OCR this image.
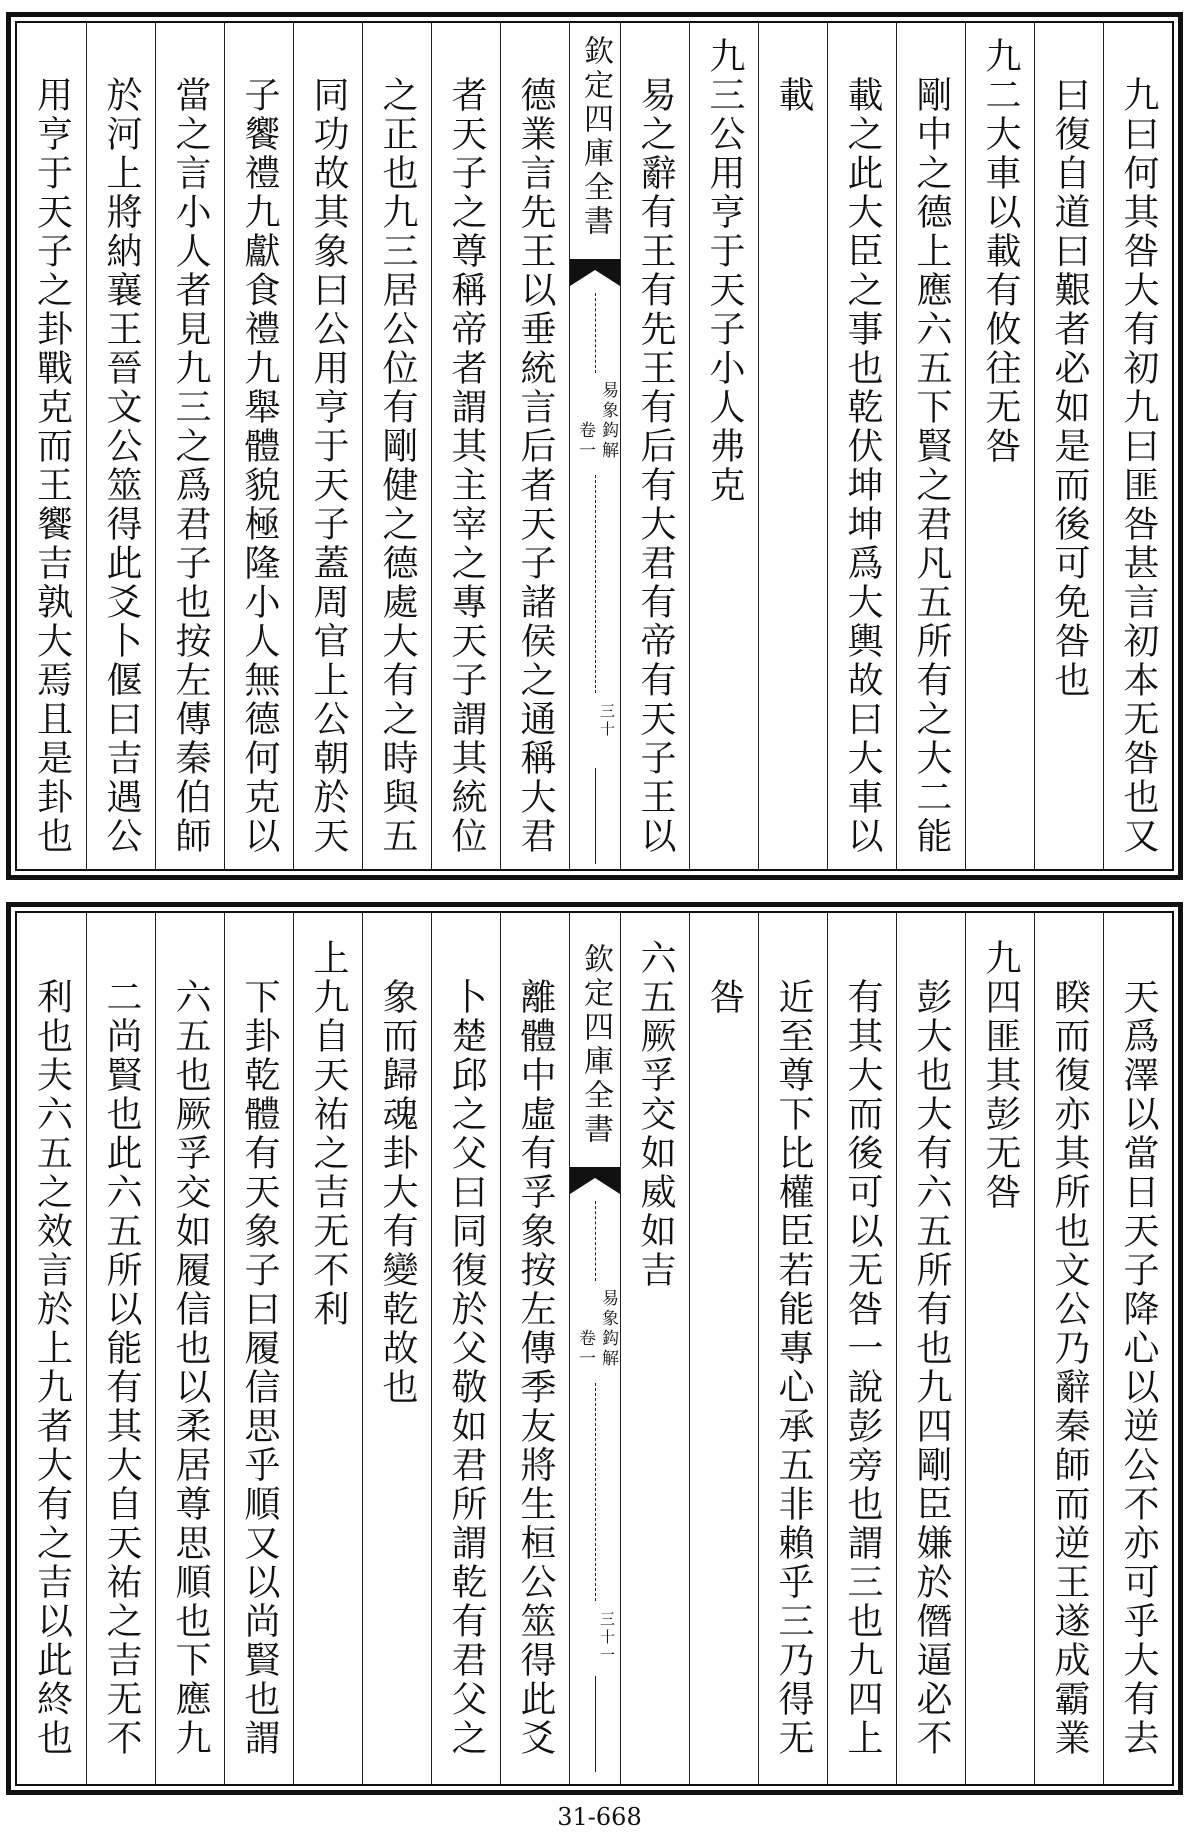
九曰何其咎大有初九曰匪咎甚言初本无咎也又
曰復自道曰艱者必如是而後可免咎也
九二大車以載有攸往无咎
剛中之德上應六五下賢之君凡五所有之大二能
載之此大臣之事也乾伏坤坤爲大輿故曰大車以
載
九三公用亨于天子小人弗克
易之辭有王有先王有后有大君有帝有天子王以
欽定四庫全書
易象鈎解
卷一
三十
德業言先王以垂統言后者天子諸侯之通稱大君
者天子之尊稱帝者謂其主宰之專天子謂其統位
之正也九三居公位有剛健之德處大有之時與五
同功故其象曰公用亨于天子蓋周官上公朝於天
子饗禮九獻食禮九舉體貌極隆小人無德何克以
當之言小人者見九三之爲君子也按左傳秦伯師
於河上將納襄王晉文公筮得此爻卜偃曰吉遇公
用亨于天子之卦戰克而王饗吉孰大焉且是卦也
天爲澤以當日天子降心以逆公不亦可乎大有去
睽而復亦其所也文公乃辭秦師而逆王遂成霸業
九四匪其彭无咎
彭大也大有六五所有也九四剛臣嫌於僭逼必不
有其大而後可以无咎一說彭旁也謂三也九四上
近至尊下比權臣若能專心承五非賴乎三乃得无
咎
六五厥孚交如威如吉
欽定四庫全書
易象鈎解
卷一
三十一
離體中虛有孚象按左傳季友將生桓公筮得此爻
卜楚邱之父曰同復於父敬如君所謂乾有君父之
象而歸魂卦大有變乾故也
上九自天祐之吉无不利
下卦乾體有天象子曰履信思乎順又以尚賢也謂
六五也厥孚交如履信也以柔居尊思順也下應九
二尚賢也此六五所以能有其大自天祐之吉无不
利也夫六五之效言於上九者大有之吉以此終也
31-668
